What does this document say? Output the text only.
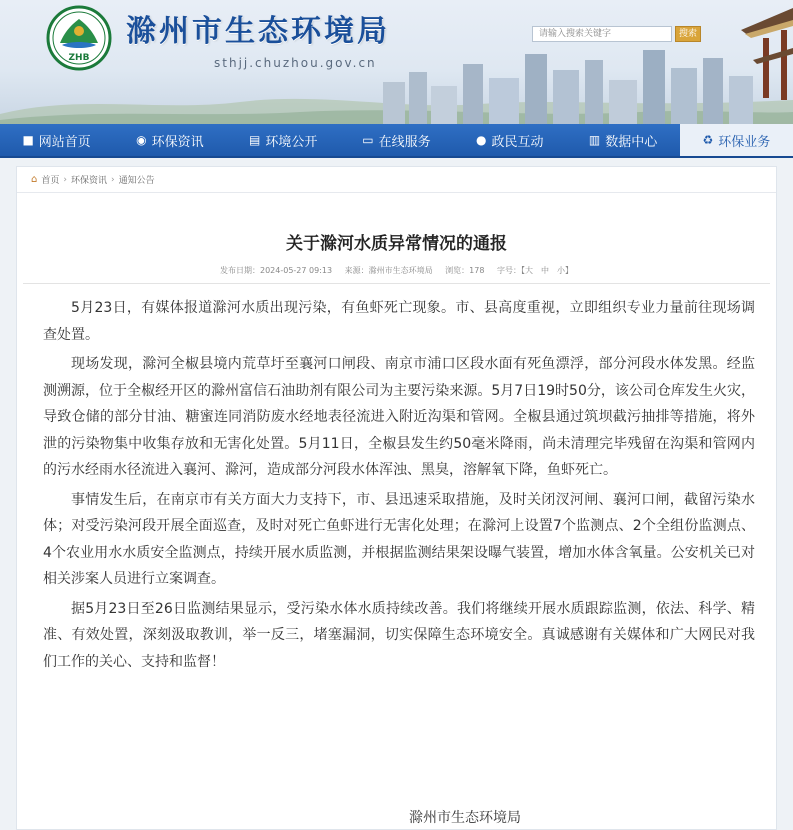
ZHB
滁州市生态环境局
sthjj.chuzhou.gov.cn
请输入搜索关键字	搜索
■ 网站首页	◉ 环保资讯	▤ 环境公开	▭ 在线服务	● 政民互动	▥ 数据中心	♻ 环保业务
⌂ 首页 › 环保资讯 › 通知公告
关于滁河水质异常情况的通报
发布日期：2024-05-27 09:13 来源：滁州市生态环境局 浏览：178 字号：【大　中　小】

5月23日，有媒体报道滁河水质出现污染，有鱼虾死亡现象。市、县高度重视，立即组织专业力量前往现场调查处置。

现场发现，滁河全椒县境内荒草圩至襄河口闸段、南京市浦口区段水面有死鱼漂浮，部分河段水体发黑。经监测溯源，位于全椒经开区的滁州富信石油助剂有限公司为主要污染来源。5月7日19时50分，该公司仓库发生火灾，导致仓储的部分甘油、糖蜜连同消防废水经地表径流进入附近沟渠和管网。全椒县通过筑坝截污抽排等措施，将外泄的污染物集中收集存放和无害化处置。5月11日，全椒县发生约50毫米降雨，尚未清理完毕残留在沟渠和管网内的污水经雨水径流进入襄河、滁河，造成部分河段水体浑浊、黑臭，溶解氧下降，鱼虾死亡。

事情发生后，在南京市有关方面大力支持下，市、县迅速采取措施，及时关闭汊河闸、襄河口闸，截留污染水体；对受污染河段开展全面巡查，及时对死亡鱼虾进行无害化处理；在滁河上设置7个监测点、2个全组份监测点、4个农业用水水质安全监测点，持续开展水质监测，并根据监测结果架设曝气装置，增加水体含氧量。公安机关已对相关涉案人员进行立案调查。

据5月23日至26日监测结果显示，受污染水体水质持续改善。我们将继续开展水质跟踪监测，依法、科学、精准、有效处置，深刻汲取教训，举一反三，堵塞漏洞，切实保障生态环境安全。真诚感谢有关媒体和广大网民对我们工作的关心、支持和监督！

滁州市生态环境局
